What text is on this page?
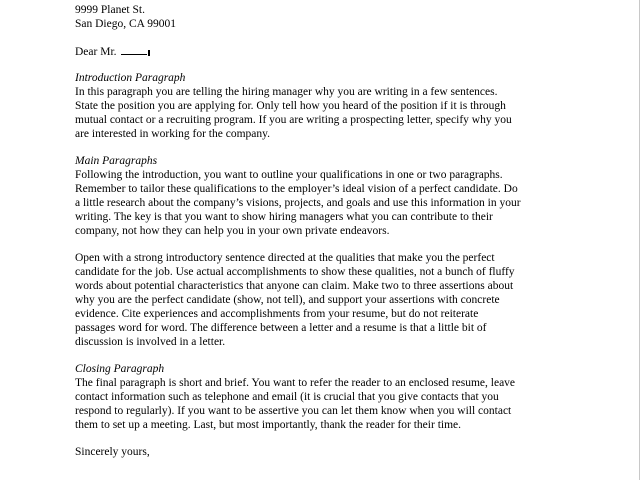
9999 Planet St.
San Diego, CA 99001
Dear Mr.
Introduction Paragraph
In this paragraph you are telling the hiring manager why you are writing in a few sentences.
State the position you are applying for. Only tell how you heard of the position if it is through
mutual contact or a recruiting program. If you are writing a prospecting letter, specify why you
are interested in working for the company.
Main Paragraphs
Following the introduction, you want to outline your qualifications in one or two paragraphs.
Remember to tailor these qualifications to the employer’s ideal vision of a perfect candidate. Do
a little research about the company’s visions, projects, and goals and use this information in your
writing. The key is that you want to show hiring managers what you can contribute to their
company, not how they can help you in your own private endeavors.
Open with a strong introductory sentence directed at the qualities that make you the perfect
candidate for the job. Use actual accomplishments to show these qualities, not a bunch of fluffy
words about potential characteristics that anyone can claim. Make two to three assertions about
why you are the perfect candidate (show, not tell), and support your assertions with concrete
evidence. Cite experiences and accomplishments from your resume, but do not reiterate
passages word for word. The difference between a letter and a resume is that a little bit of
discussion is involved in a letter.
Closing Paragraph
The final paragraph is short and brief. You want to refer the reader to an enclosed resume, leave
contact information such as telephone and email (it is crucial that you give contacts that you
respond to regularly). If you want to be assertive you can let them know when you will contact
them to set up a meeting. Last, but most importantly, thank the reader for their time.
Sincerely yours,
